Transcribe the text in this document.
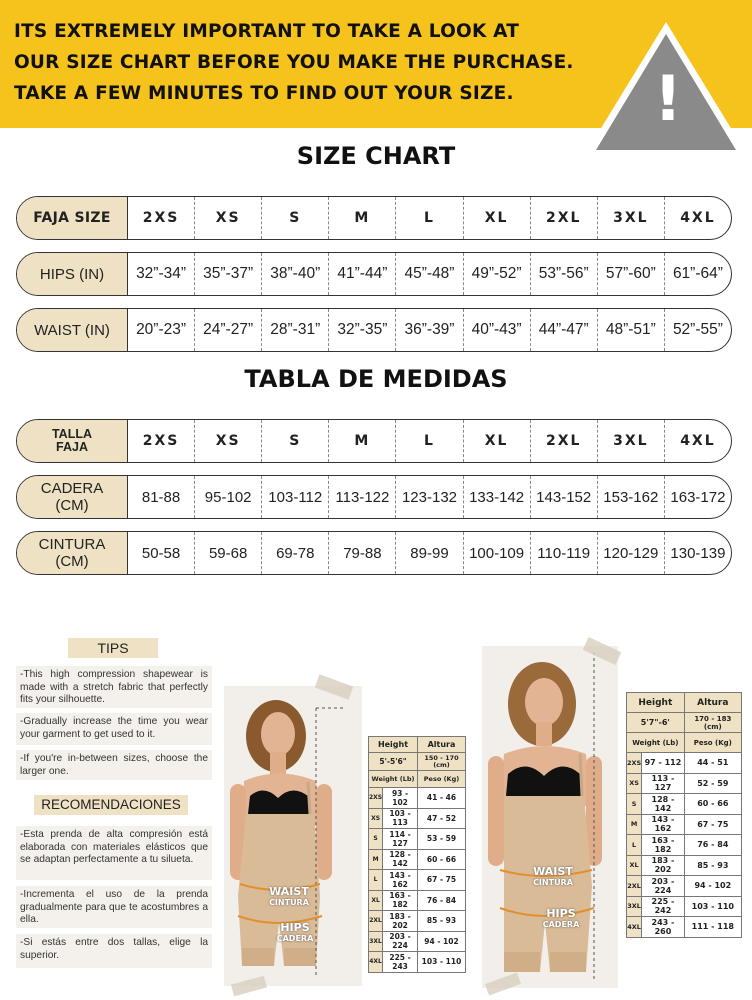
ITS EXTREMELY IMPORTANT TO TAKE A LOOK AT
OUR SIZE CHART BEFORE YOU MAKE THE PURCHASE.
TAKE A FEW MINUTES TO FIND OUT YOUR SIZE.	!
SIZE CHART
FAJA SIZE	2XS	XS	S	M	L	XL	2XL	3XL	4XL
HIPS (IN)	32”-34”	35”-37”	38”-40”	41”-44”	45”-48”	49”-52”	53”-56”	57”-60”	61”-64”
WAIST (IN)	20”-23”	24”-27”	28”-31”	32”-35”	36”-39”	40”-43”	44”-47”	48”-51”	52”-55”
TABLA DE MEDIDAS
TALLA
FAJA	2XS	XS	S	M	L	XL	2XL	3XL	4XL
CADERA
(CM)	81-88	95-102	103-112 113-122 123-132 133-142 143-152 153-162 163-172
CINTURA
(CM)	50-58	59-68	69-78	79-88	89-99	100-109 110-119 120-129 130-139
TIPS
-This high compression shapewear is made with a stretch fabric that perfectly fits your silhouette.
-Gradually increase the time you wear your garment to get used to it.
-If you're in-between sizes, choose the larger one.
RECOMENDACIONES
-Esta prenda de alta compresión está elaborada con materiales elásticos que se adaptan perfectamente a tu silueta.
-Incrementa el uso de la prenda gradualmente para que te acostumbres a ella.
-Si estás entre dos tallas, elige la superior.
WAIST
CINTURA
HIPS
CADERA
Height		Altura
5'-5'6"		150 - 170 (cm)
Weight (Lb)		Peso (Kg)
2XS	93 - 102	41 - 46
XS	103 - 113	47 - 52
S	114 - 127	53 - 59
M	128 - 142	60 - 66
L	143 - 162	67 - 75
XL	163 - 182	76 - 84
2XL	183 - 202	85 - 93
3XL	203 - 224	94 - 102
4XL	225 - 243	103 - 110
WAIST
CINTURA
HIPS
CADERA
Height		Altura
5'7"-6'		170 - 183 (cm)
Weight (Lb)		Peso (Kg)
2XS	97 - 112	44 - 51
XS	113 - 127	52 - 59
S	128 - 142	60 - 66
M	143 - 162	67 - 75
L	163 - 182	76 - 84
XL	183 - 202	85 - 93
2XL	203 - 224	94 - 102
3XL	225 - 242	103 - 110
4XL	243 - 260	111 - 118
